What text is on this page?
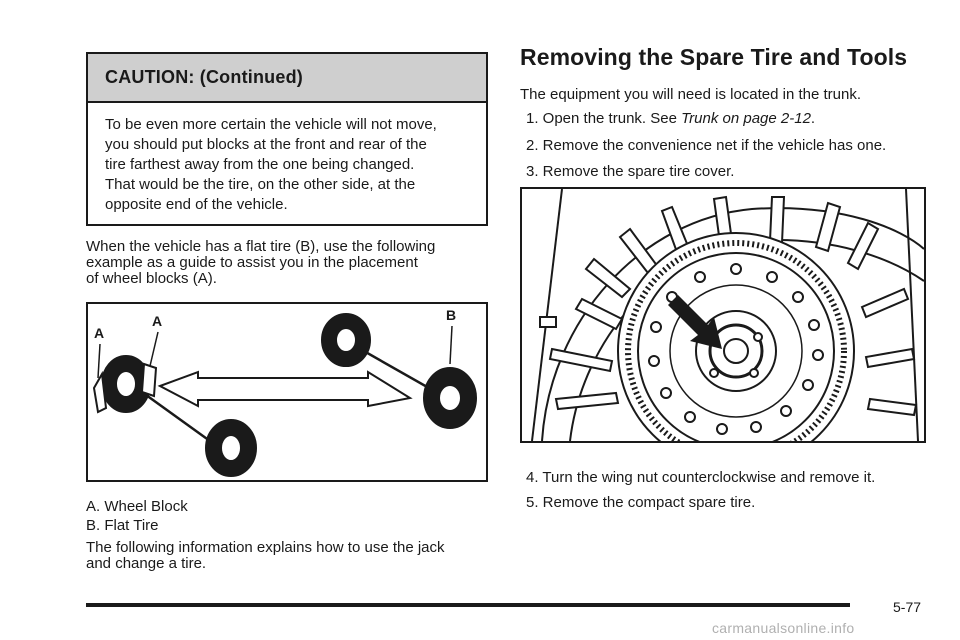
CAUTION: (Continued)
To be even more certain the vehicle will not move,
you should put blocks at the front and rear of the
tire farthest away from the one being changed.
That would be the tire, on the other side, at the
opposite end of the vehicle.
When the vehicle has a flat tire (B), use the following
example as a guide to assist you in the placement
of wheel blocks (A).
A
A	B
A. Wheel Block
B. Flat Tire
The following information explains how to use the jack
and change a tire.
Removing the Spare Tire and Tools
The equipment you will need is located in the trunk.
1. Open the trunk. See Trunk on page 2-12.
2. Remove the convenience net if the vehicle has one.
3. Remove the spare tire cover.
4. Turn the wing nut counterclockwise and remove it.
5. Remove the compact spare tire.
5-77
carmanualsonline.info
